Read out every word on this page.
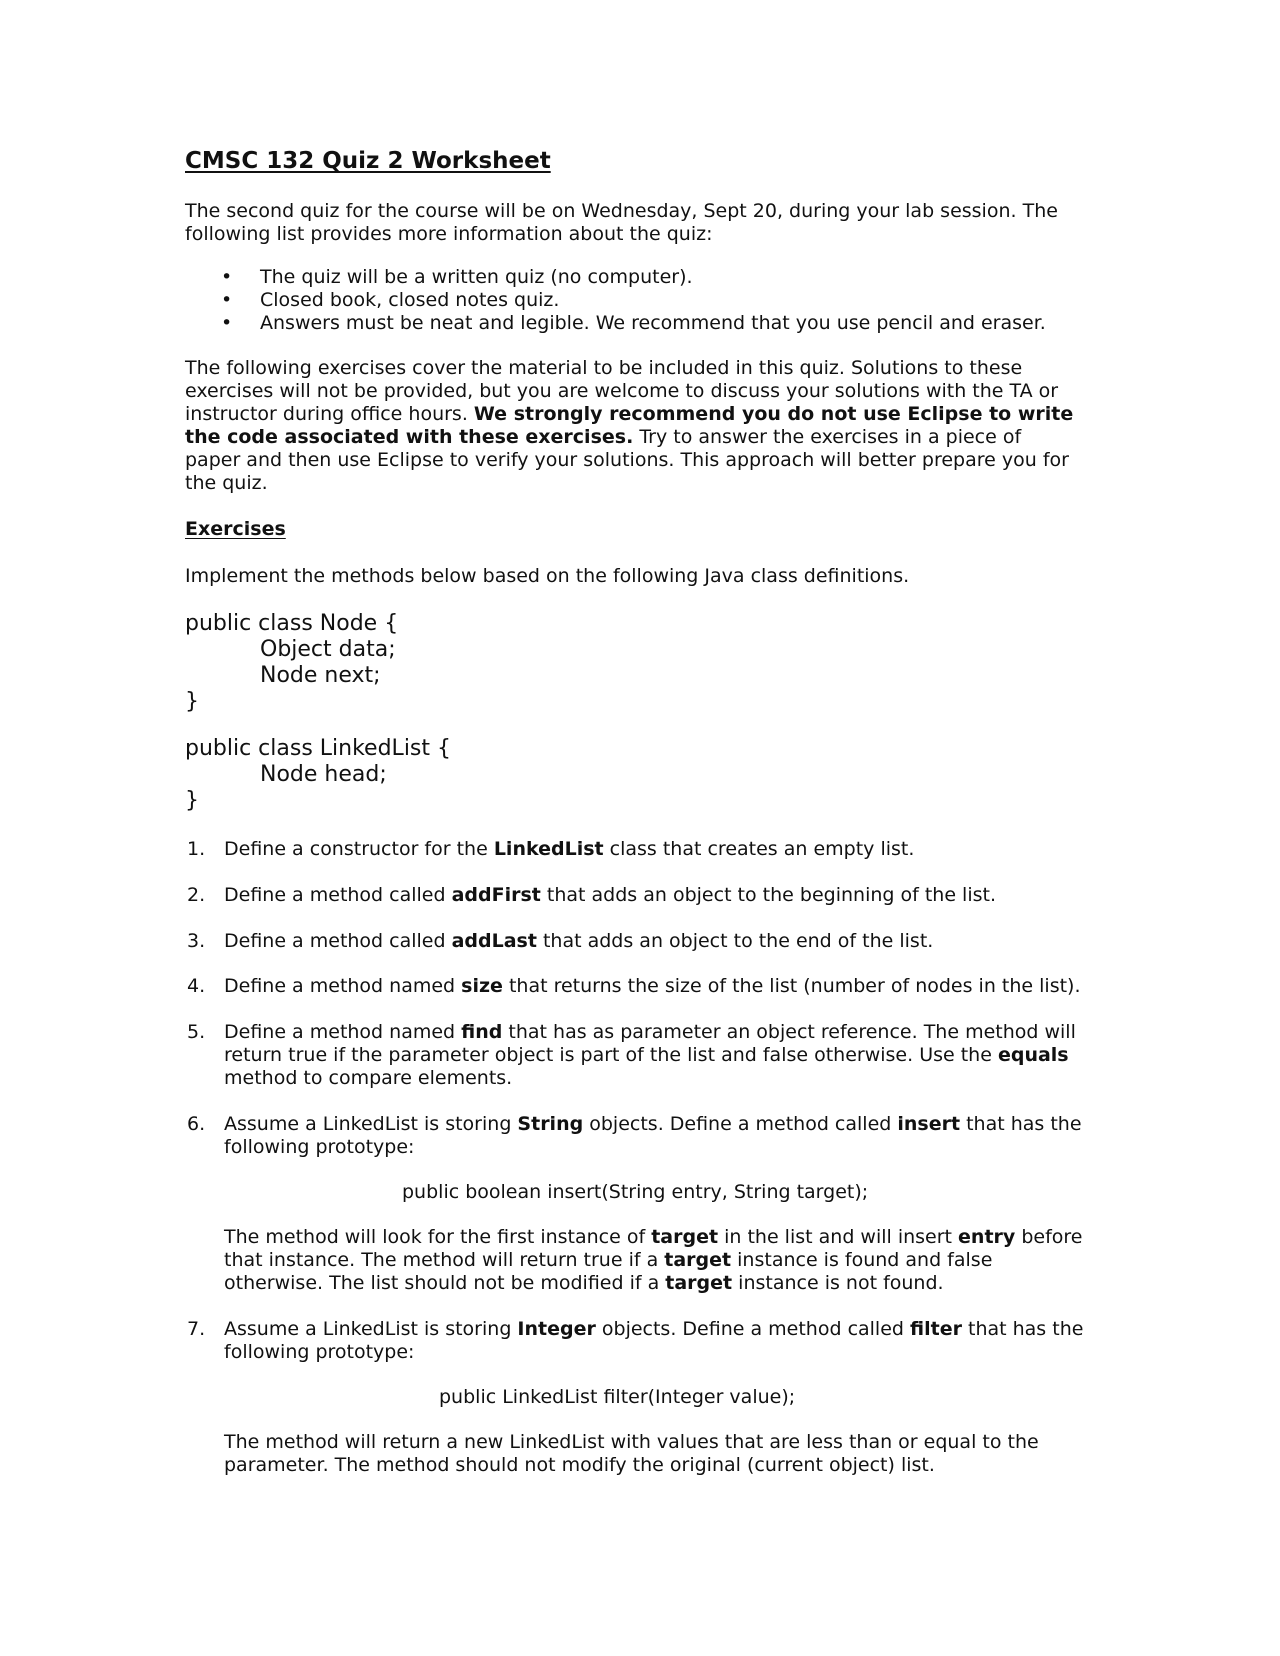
CMSC 132 Quiz 2 Worksheet

The second quiz for the course will be on Wednesday, Sept 20, during your lab session. The

following list provides more information about the quiz:

• The quiz will be a written quiz (no computer).

• Closed book, closed notes quiz.

• Answers must be neat and legible. We recommend that you use pencil and eraser.

The following exercises cover the material to be included in this quiz. Solutions to these

exercises will not be provided, but you are welcome to discuss your solutions with the TA or

instructor during office hours. We strongly recommend you do not use Eclipse to write

the code associated with these exercises. Try to answer the exercises in a piece of

paper and then use Eclipse to verify your solutions. This approach will better prepare you for

the quiz.

Exercises

Implement the methods below based on the following Java class definitions.

public class Node {

Object data;

Node next;

}

public class LinkedList {

Node head;

}

1. Define a constructor for the LinkedList class that creates an empty list.

2. Define a method called addFirst that adds an object to the beginning of the list.

3. Define a method called addLast that adds an object to the end of the list.

4. Define a method named size that returns the size of the list (number of nodes in the list).

5. Define a method named find that has as parameter an object reference. The method will

return true if the parameter object is part of the list and false otherwise. Use the equals

method to compare elements.

6. Assume a LinkedList is storing String objects. Define a method called insert that has the

following prototype:

public boolean insert(String entry, String target);

The method will look for the first instance of target in the list and will insert entry before

that instance. The method will return true if a target instance is found and false

otherwise. The list should not be modified if a target instance is not found.

7. Assume a LinkedList is storing Integer objects. Define a method called filter that has the

following prototype:

public LinkedList filter(Integer value);

The method will return a new LinkedList with values that are less than or equal to the

parameter. The method should not modify the original (current object) list.
